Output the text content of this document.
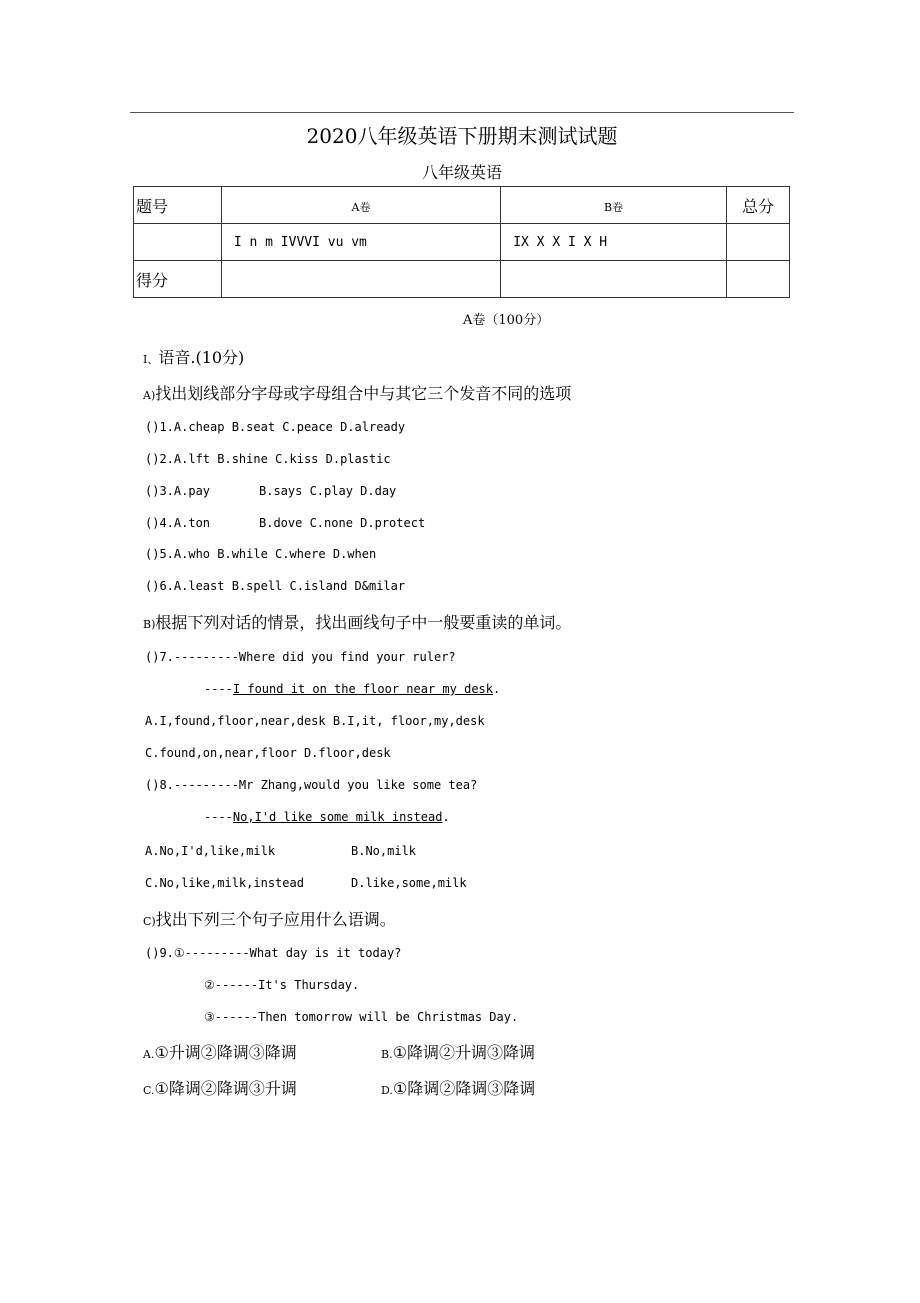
2020八年级英语下册期末测试试题
八年级英语
题号	A卷	B卷	总分
	I n m IVVVI vu vm	IX X X I X H	
得分			
A卷（100分）
I、语音.(10分)
A)找出划线部分字母或字母组合中与其它三个发音不同的选项
()1.A.cheap B.seat C.peace D.already
()2.A.lft B.shine C.kiss D.plastic
()3.A.pay	B.says C.play D.day
()4.A.ton	B.dove C.none D.protect
()5.A.who B.while C.where D.when
()6.A.least B.spell C.island D&milar
B)根据下列对话的情景，找出画线句子中一般要重读的单词。
()7.---------Where did you find your ruler?
----I found it on the floor near my desk.
A.I,found,floor,near,desk B.I,it, floor,my,desk
C.found,on,near,floor D.floor,desk
()8.---------Mr Zhang,would you like some tea?
----No,I'd like some milk instead.
A.No,I'd,like,milk	B.No,milk
C.No,like,milk,instead	D.like,some,milk
C)找出下列三个句子应用什么语调。
()9.①---------What day is it today?
②------It's Thursday.
③------Then tomorrow will be Christmas Day.
A.①升调②降调③降调	B.①降调②升调③降调
C.①降调②降调③升调	D.①降调②降调③降调
